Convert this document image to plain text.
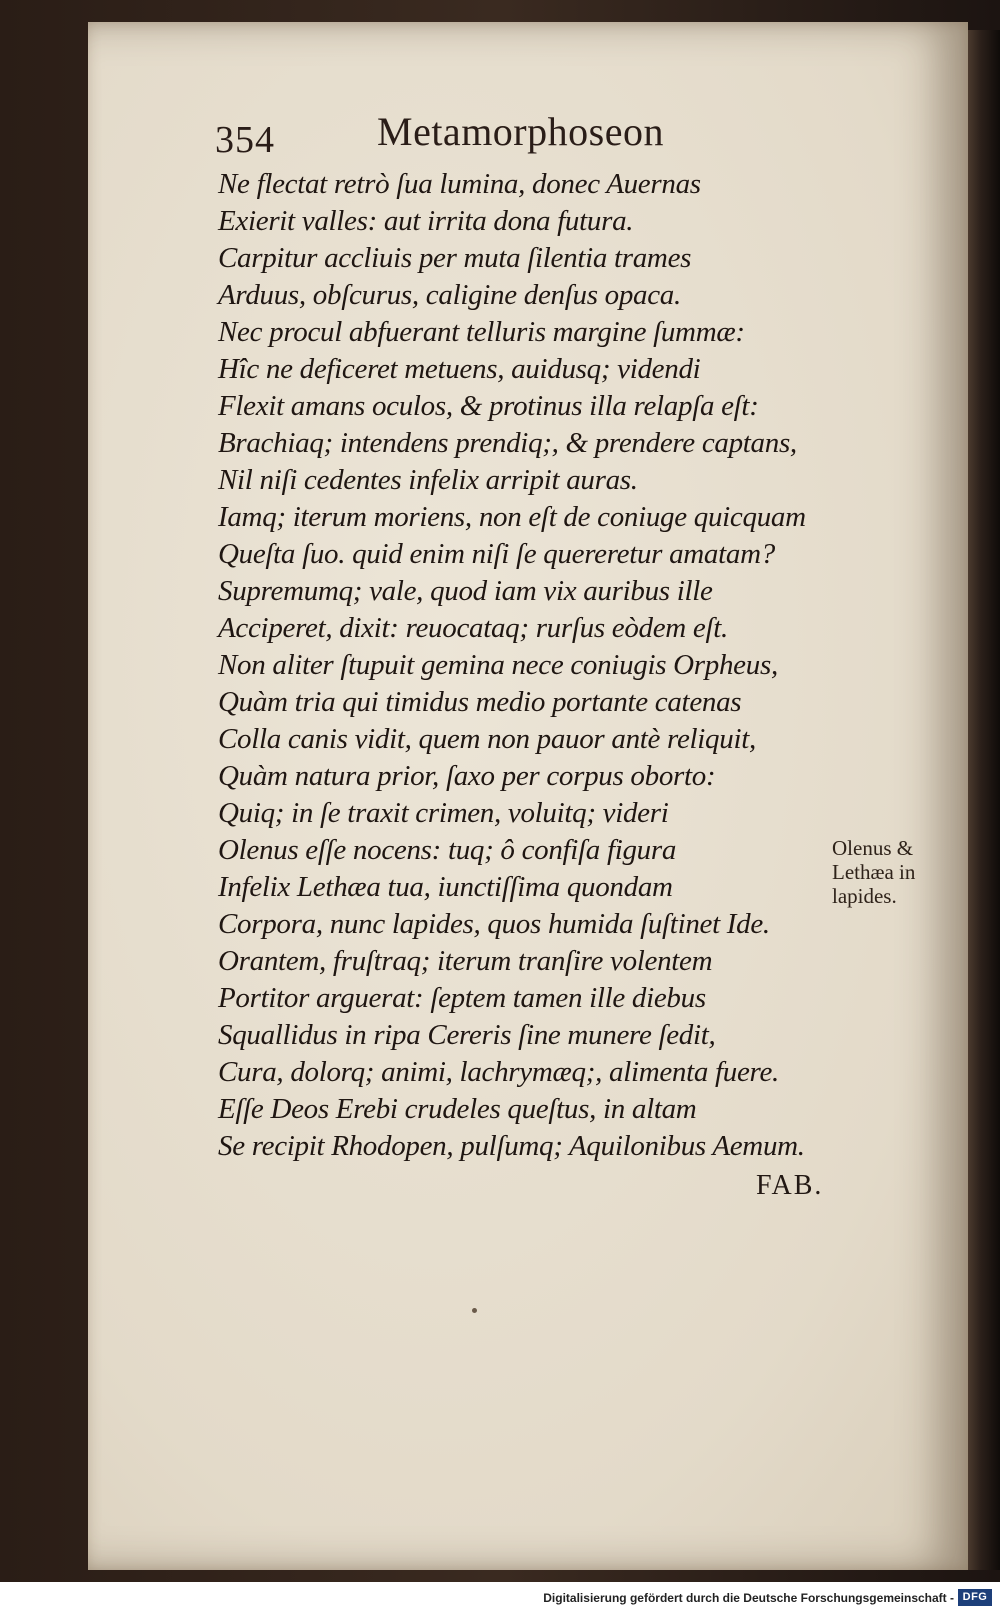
354	Metamorphoseon
Ne flectat retrò ſua lumina, donec Auernas
Exierit valles: aut irrita dona futura.
Carpitur accliuis per muta ſilentia trames
Arduus, obſcurus, caligine denſus opaca.
Nec procul abfuerant telluris margine ſummæ:
Hîc ne deficeret metuens, auidusq; videndi
Flexit amans oculos, & protinus illa relapſa eſt:
Brachiaq; intendens prendiq;, & prendere captans,
Nil niſi cedentes infelix arripit auras.
Iamq; iterum moriens, non eſt de coniuge quicquam
Queſta ſuo. quid enim niſi ſe quereretur amatam?
Supremumq; vale, quod iam vix auribus ille
Acciperet, dixit: reuocataq; rurſus eòdem eſt.
Non aliter ſtupuit gemina nece coniugis Orpheus,
Quàm tria qui timidus medio portante catenas
Colla canis vidit, quem non pauor antè reliquit,
Quàm natura prior, ſaxo per corpus oborto:
Quiq; in ſe traxit crimen, voluitq; videri
Olenus eſſe nocens: tuq; ô confiſa figura
Infelix Lethæa tua, iunctiſſima quondam
Corpora, nunc lapides, quos humida ſuſtinet Ide.
Orantem, fruſtraq; iterum tranſire volentem
Portitor arguerat: ſeptem tamen ille diebus
Squallidus in ripa Cereris ſine munere ſedit,
Cura, dolorq; animi, lachrymæq;, alimenta fuere.
Eſſe Deos Erebi crudeles queſtus, in altam
Se recipit Rhodopen, pulſumq; Aquilonibus Aemum.
Olenus &
Lethæa in
lapides.
FAB.
Digitalisierung gefördert durch die Deutsche Forschungsgemeinschaft - DFG
